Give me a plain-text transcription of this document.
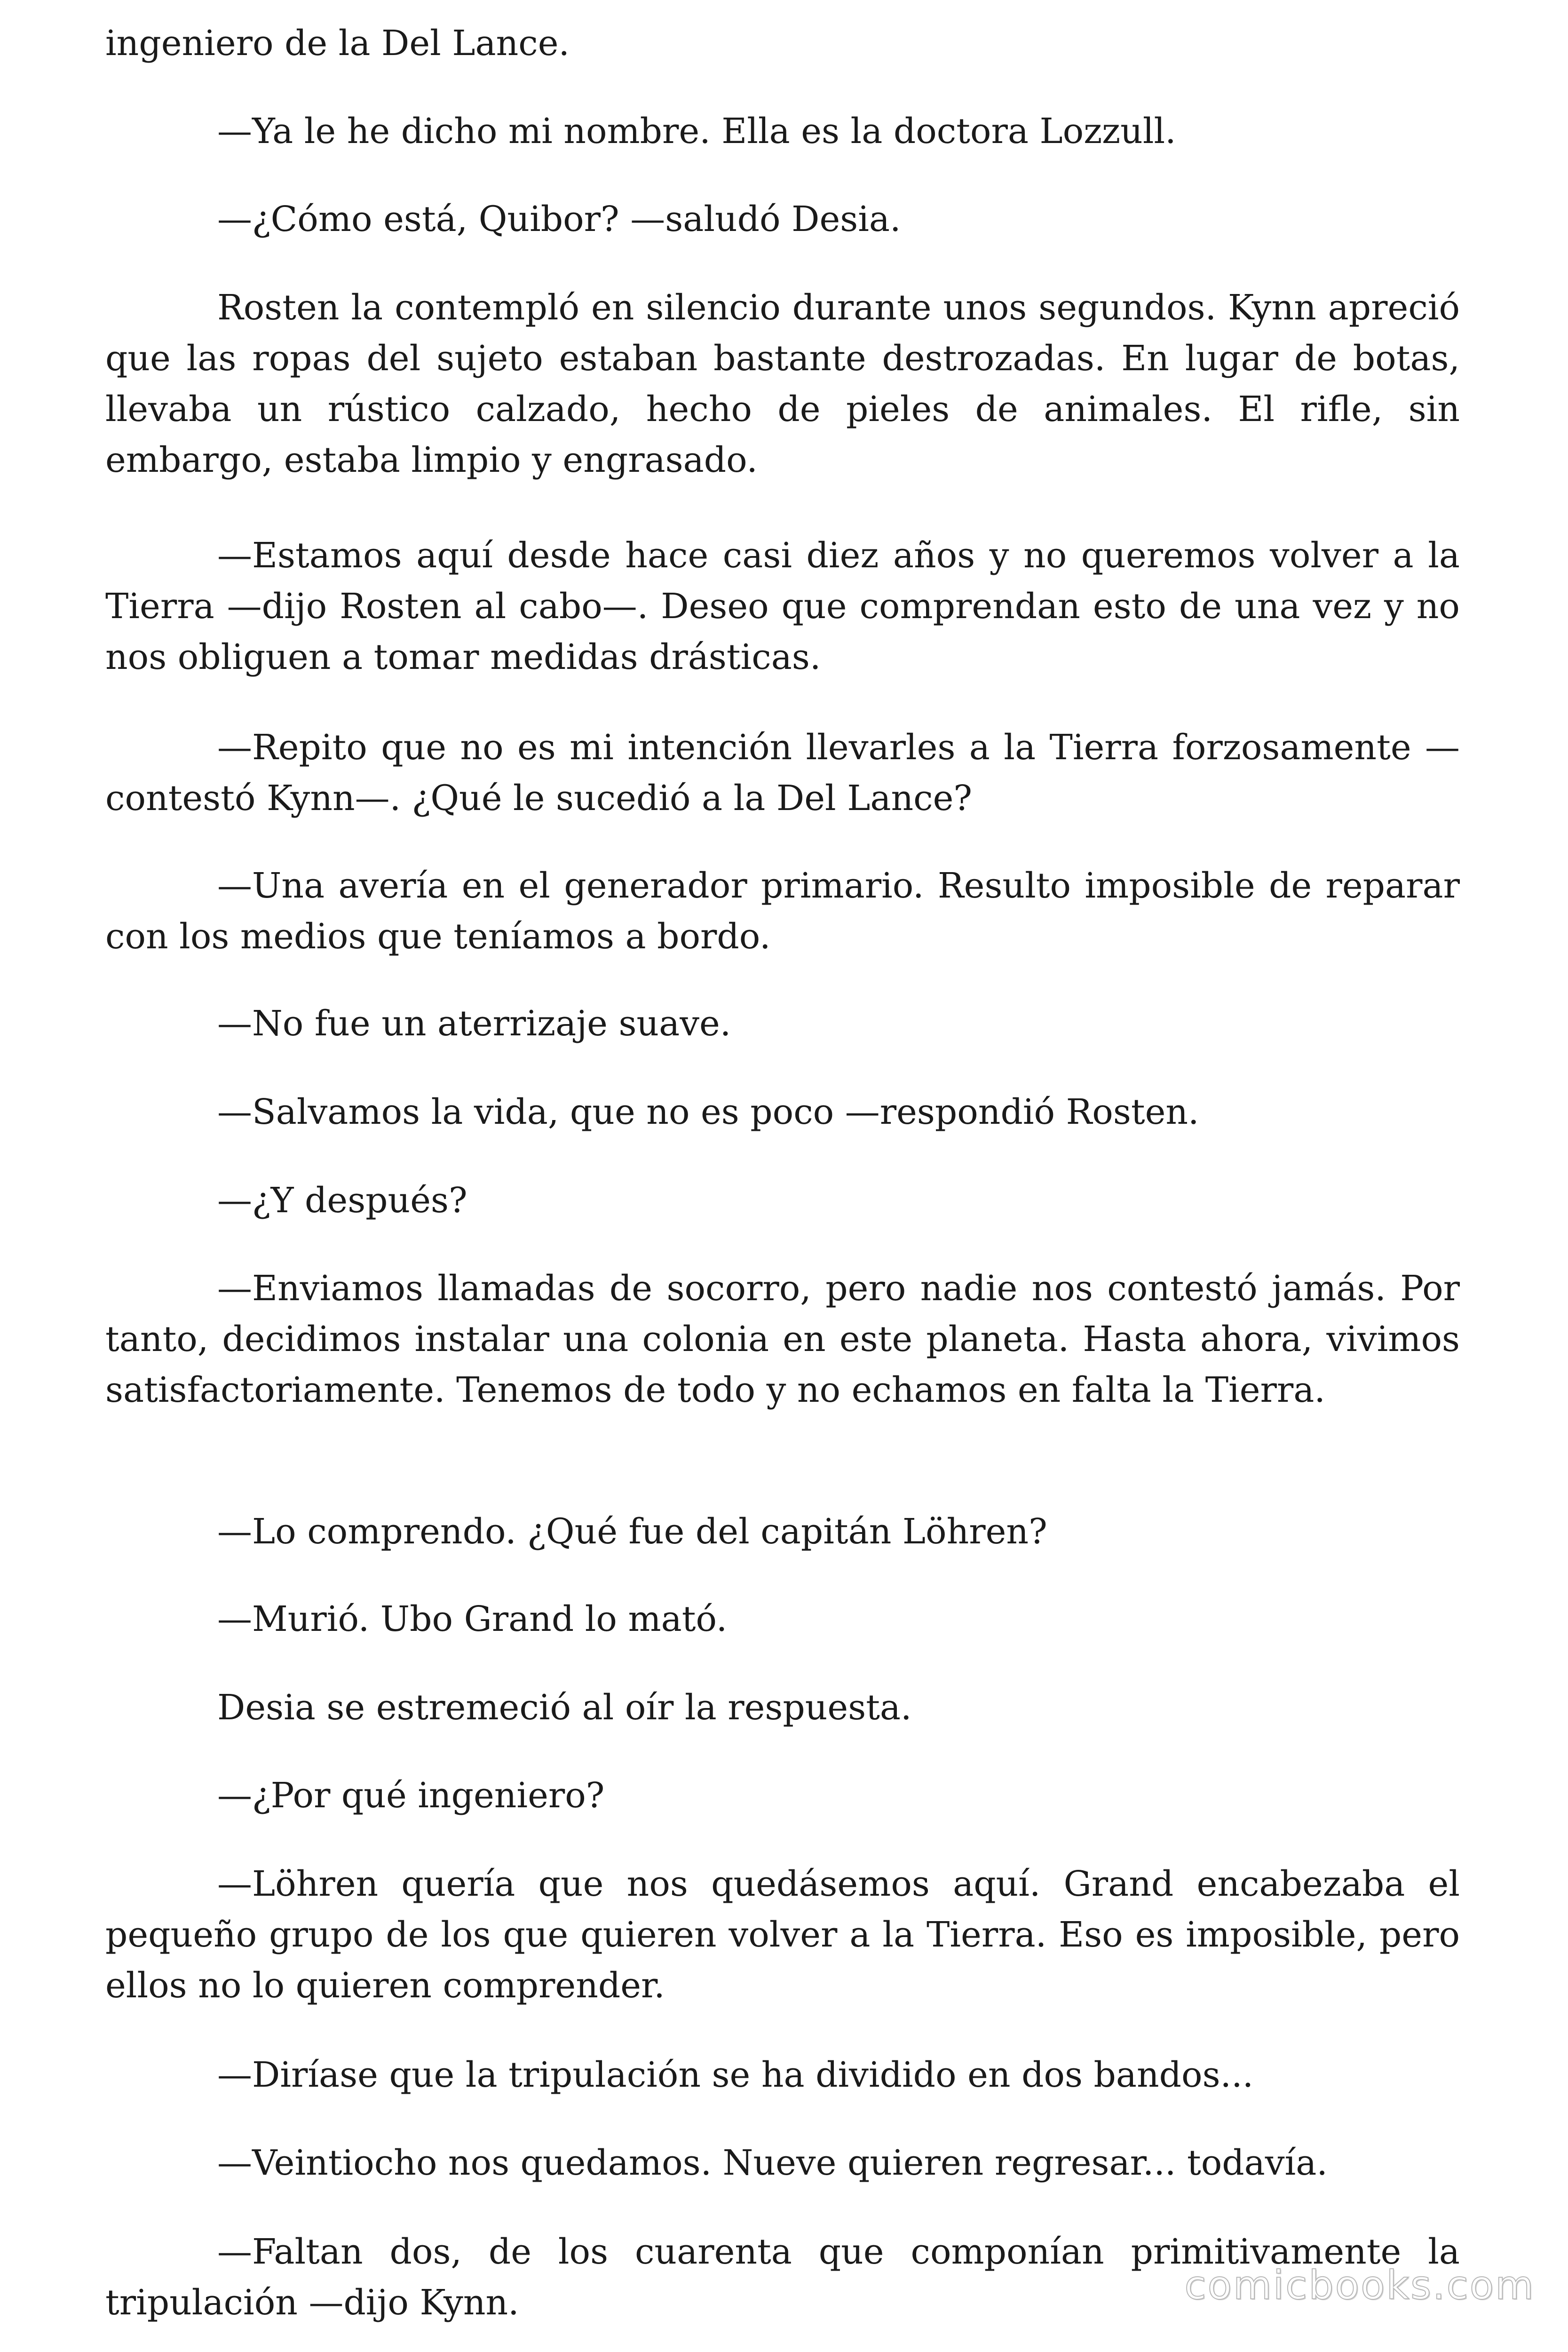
ingeniero de la Del Lance.

—Ya le he dicho mi nombre. Ella es la doctora Lozzull.

—¿Cómo está, Quibor? —saludó Desia.

Rosten la contempló en silencio durante unos segundos. Kynn apreció que las ropas del sujeto estaban bastante destrozadas. En lugar de botas, llevaba un rústico calzado, hecho de pieles de animales. El rifle, sin embargo, estaba limpio y engrasado.

—Estamos aquí desde hace casi diez años y no queremos volver a la Tierra —dijo Rosten al cabo—. Deseo que comprendan esto de una vez y no nos obliguen a tomar medidas drásticas.

—Repito que no es mi intención llevarles a la Tierra forzosamente —contestó Kynn—. ¿Qué le sucedió a la Del Lance?

—Una avería en el generador primario. Resulto imposible de reparar con los medios que teníamos a bordo.

—No fue un aterrizaje suave.

—Salvamos la vida, que no es poco —respondió Rosten.

—¿Y después?

—Enviamos llamadas de socorro, pero nadie nos contestó jamás. Por tanto, decidimos instalar una colonia en este planeta. Hasta ahora, vivimos satisfactoriamente. Tenemos de todo y no echamos en falta la Tierra.

—Lo comprendo. ¿Qué fue del capitán Löhren?

—Murió. Ubo Grand lo mató.

Desia se estremeció al oír la respuesta.

—¿Por qué ingeniero?

—Löhren quería que nos quedásemos aquí. Grand encabezaba el pequeño grupo de los que quieren volver a la Tierra. Eso es imposible, pero ellos no lo quieren comprender.

—Diríase que la tripulación se ha dividido en dos bandos...

—Veintiocho nos quedamos. Nueve quieren regresar... todavía.

—Faltan dos, de los cuarenta que componían primitivamente la tripulación —dijo Kynn.	comicbooks.com
